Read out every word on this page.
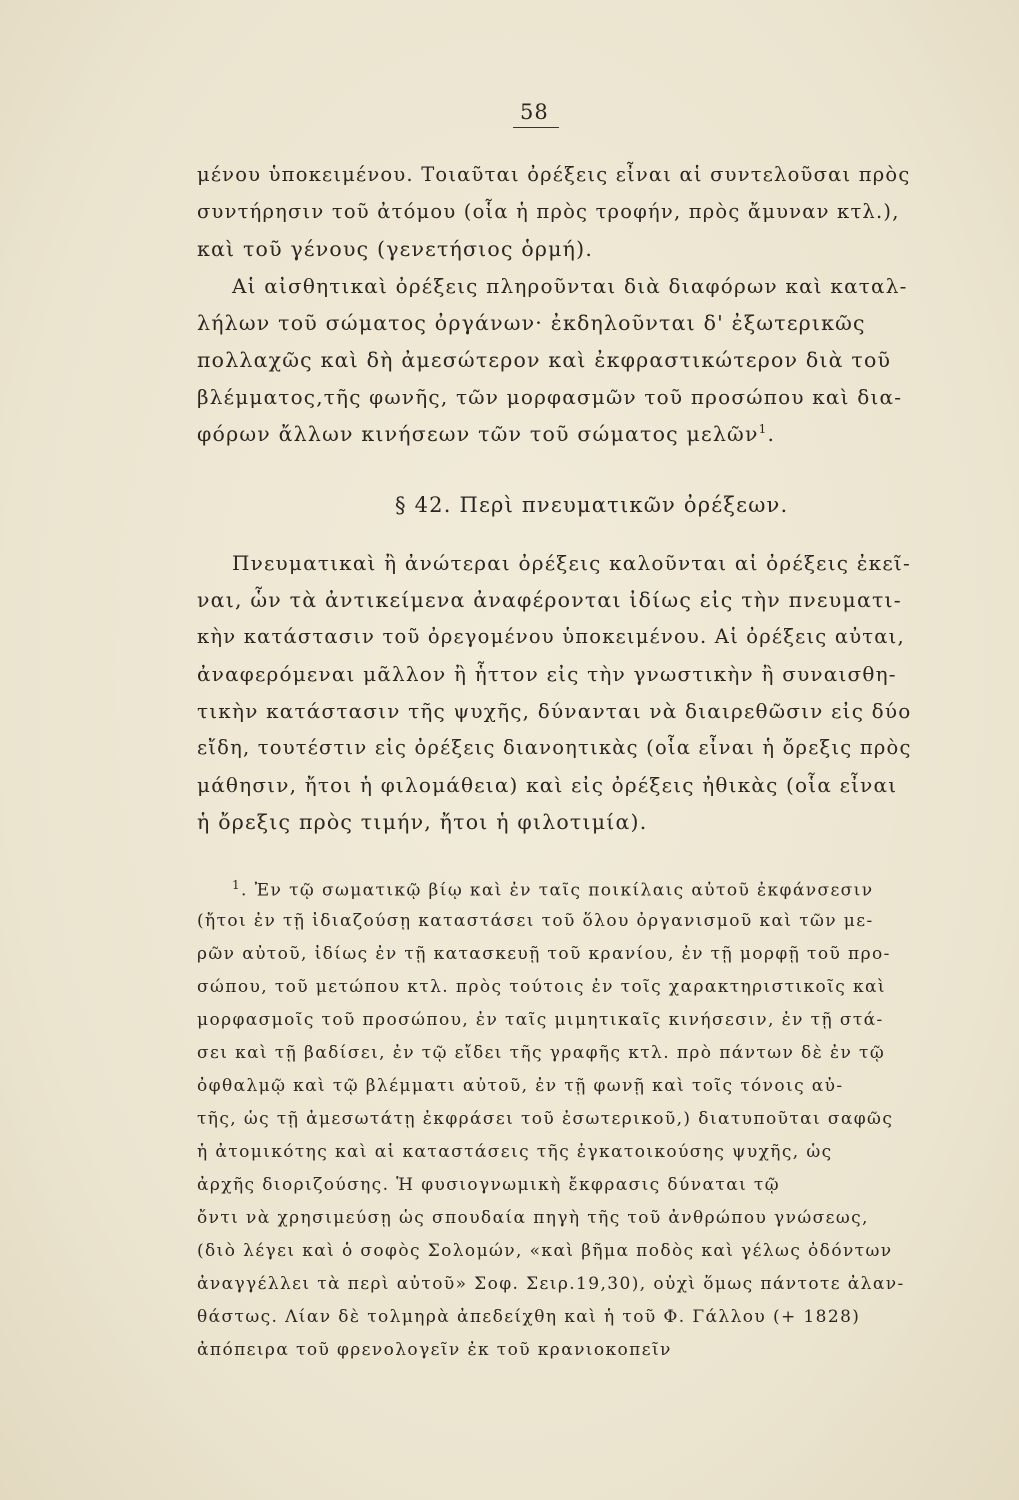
58
μένου ὑποκειμένου. Τοιαῦται ὀρέξεις εἶναι αἱ συντελοῦσαι πρὸς
συντήρησιν τοῦ ἀτόμου (οἷα ἡ πρὸς τροφήν, πρὸς ἄμυναν κτλ.),
καὶ τοῦ γένους (γενετήσιος ὁρμή).
Αἱ αἰσθητικαὶ ὀρέξεις πληροῦνται διὰ διαφόρων καὶ καταλ-
λήλων τοῦ σώματος ὀργάνων· ἐκδηλοῦνται δ' ἐξωτερικῶς
πολλαχῶς καὶ δὴ ἀμεσώτερον καὶ ἐκφραστικώτερον διὰ τοῦ
βλέμματος,τῆς φωνῆς, τῶν μορφασμῶν τοῦ προσώπου καὶ δια-
φόρων ἄλλων κινήσεων τῶν τοῦ σώματος μελῶν$^1$.
§ 42. Περὶ πνευματικῶν ὀρέξεων.
Πνευματικαὶ ἢ ἀνώτεραι ὀρέξεις καλοῦνται αἱ ὀρέξεις ἐκεῖ-
ναι, ὧν τὰ ἀντικείμενα ἀναφέρονται ἰδίως εἰς τὴν πνευματι-
κὴν κατάστασιν τοῦ ὀρεγομένου ὑποκειμένου. Αἱ ὀρέξεις αὐται,
ἀναφερόμεναι μᾶλλον ἢ ἧττον εἰς τὴν γνωστικὴν ἢ συναισθη-
τικὴν κατάστασιν τῆς ψυχῆς, δύνανται νὰ διαιρεθῶσιν εἰς δύο
εἴδη, τουτέστιν εἰς ὀρέξεις διανοητικὰς (οἷα εἶναι ἡ ὄρεξις πρὸς
μάθησιν, ἤτοι ἡ φιλομάθεια) καὶ εἰς ὀρέξεις ἠθικὰς (οἷα εἶναι
ἡ ὄρεξις πρὸς τιμήν, ἤτοι ἡ φιλοτιμία).
$^1$. Ἐν τῷ σωματικῷ βίῳ καὶ ἐν ταῖς ποικίλαις αὐτοῦ ἐκφάνσεσιν
(ἤτοι ἐν τῇ ἰδιαζούσῃ καταστάσει τοῦ ὅλου ὀργανισμοῦ καὶ τῶν με-
ρῶν αὐτοῦ, ἰδίως ἐν τῇ κατασκευῇ τοῦ κρανίου, ἐν τῇ μορφῇ τοῦ προ-
σώπου, τοῦ μετώπου κτλ. πρὸς τούτοις ἐν τοῖς χαρακτηριστικοῖς καὶ
μορφασμοῖς τοῦ προσώπου, ἐν ταῖς μιμητικαῖς κινήσεσιν, ἐν τῇ στά-
σει καὶ τῇ βαδίσει, ἐν τῷ εἴδει τῆς γραφῆς κτλ. πρὸ πάντων δὲ ἐν τῷ
ὀφθαλμῷ καὶ τῷ βλέμματι αὐτοῦ, ἐν τῇ φωνῇ καὶ τοῖς τόνοις αὐ-
τῆς, ὡς τῇ ἀμεσωτάτῃ ἐκφράσει τοῦ ἐσωτερικοῦ,) διατυποῦται σαφῶς
ἡ ἀτομικότης καὶ αἱ καταστάσεις τῆς ἐγκατοικούσης ψυχῆς, ὡς
ἀρχῆς διοριζούσης. Ἡ φυσιογνωμικὴ ἔκφρασις δύναται τῷ
ὄντι νὰ χρησιμεύσῃ ὡς σπουδαία πηγὴ τῆς τοῦ ἀνθρώπου γνώσεως,
(διὸ λέγει καὶ ὁ σοφὸς Σολομών, «καὶ βῆμα ποδὸς καὶ γέλως ὀδόντων
ἀναγγέλλει τὰ περὶ αὐτοῦ» Σοφ. Σειρ.19,30), οὐχὶ ὅμως πάντοτε ἀλαν-
θάστως. Λίαν δὲ τολμηρὰ ἀπεδείχθη καὶ ἡ τοῦ Φ. Γάλλου (+ 1828)
ἀπόπειρα τοῦ φρενολογεῖν ἐκ τοῦ κρανιοκοπεῖν
